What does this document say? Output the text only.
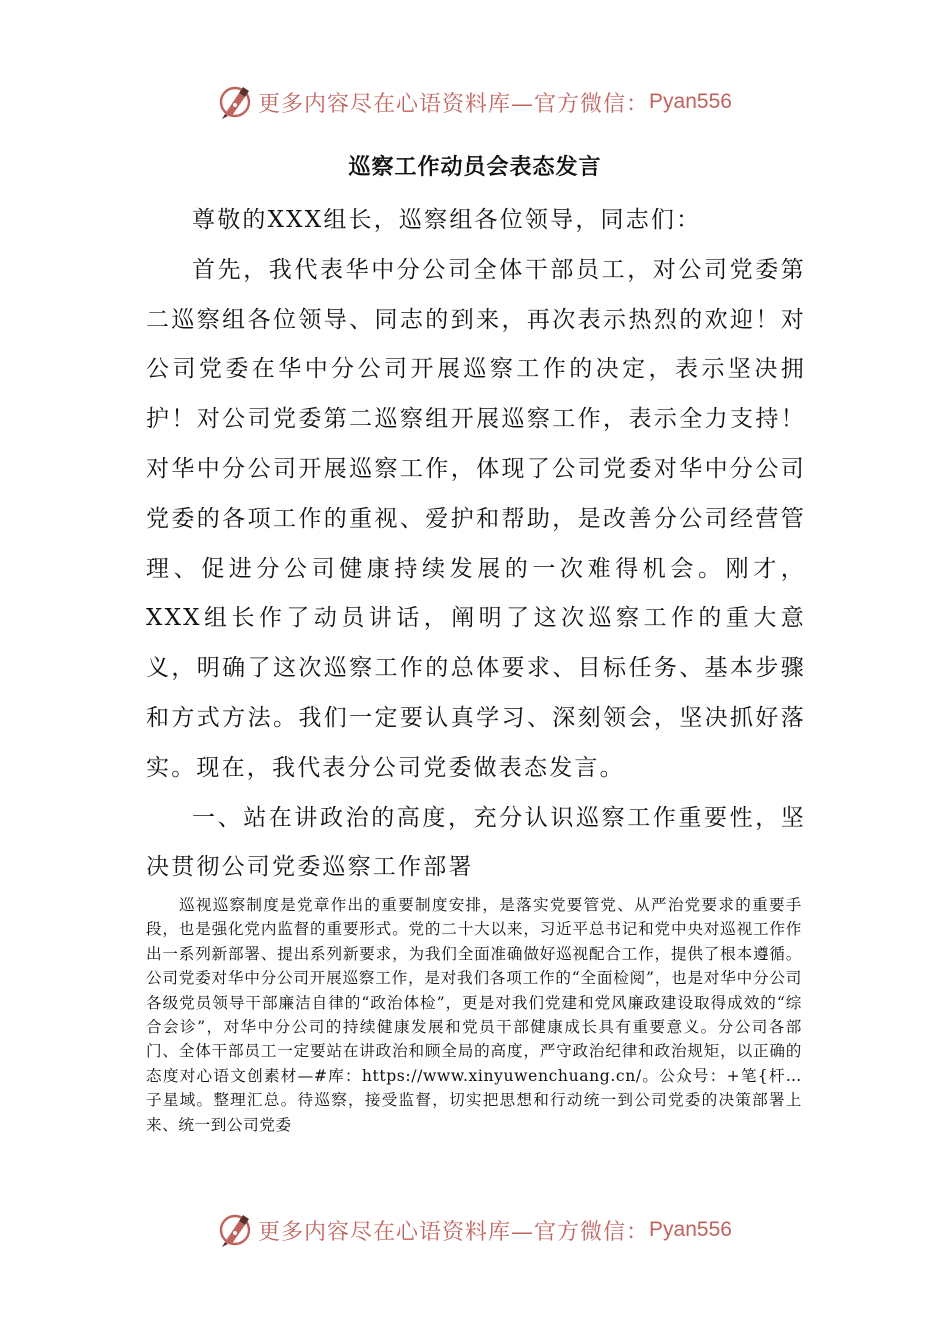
更多内容尽在心语资料库—官方微信： Pyan556
巡察工作动员会表态发言

尊敬的XXX组长，巡察组各位领导，同志们：

首先，我代表华中分公司全体干部员工，对公司党委第二巡察组各位领导、同志的到来，再次表示热烈的欢迎！对公司党委在华中分公司开展巡察工作的决定，表示坚决拥护！对公司党委第二巡察组开展巡察工作，表示全力支持！对华中分公司开展巡察工作，体现了公司党委对华中分公司党委的各项工作的重视、爱护和帮助，是改善分公司经营管理、促进分公司健康持续发展的一次难得机会。刚才，XXX组长作了动员讲话，阐明了这次巡察工作的重大意义，明确了这次巡察工作的总体要求、目标任务、基本步骤和方式方法。我们一定要认真学习、深刻领会，坚决抓好落实。现在，我代表分公司党委做表态发言。

一、站在讲政治的高度，充分认识巡察工作重要性，坚决贯彻公司党委巡察工作部署

巡视巡察制度是党章作出的重要制度安排，是落实党要管党、从严治党要求的重要手段，也是强化党内监督的重要形式。党的二十大以来，习近平总书记和党中央对巡视工作作出一系列新部署、提出系列新要求，为我们全面准确做好巡视配合工作，提供了根本遵循。公司党委对华中分公司开展巡察工作，是对我们各项工作的“全面检阅”，也是对华中分公司各级党员领导干部廉洁自律的“政治体检”，更是对我们党建和党风廉政建设取得成效的“综合会诊”，对华中分公司的持续健康发展和党员干部健康成长具有重要意义。分公司各部门、全体干部员工一定要站在讲政治和顾全局的高度，严守政治纪律和政治规矩，以正确的态度对心语文创素材—#库：https://www.xinyuwenchuang.cn/。公众号：+笔{杆…子星域。整理汇总。待巡察，接受监督，切实把思想和行动统一到公司党委的决策部署上来、统一到公司党委

更多内容尽在心语资料库—官方微信： Pyan556
